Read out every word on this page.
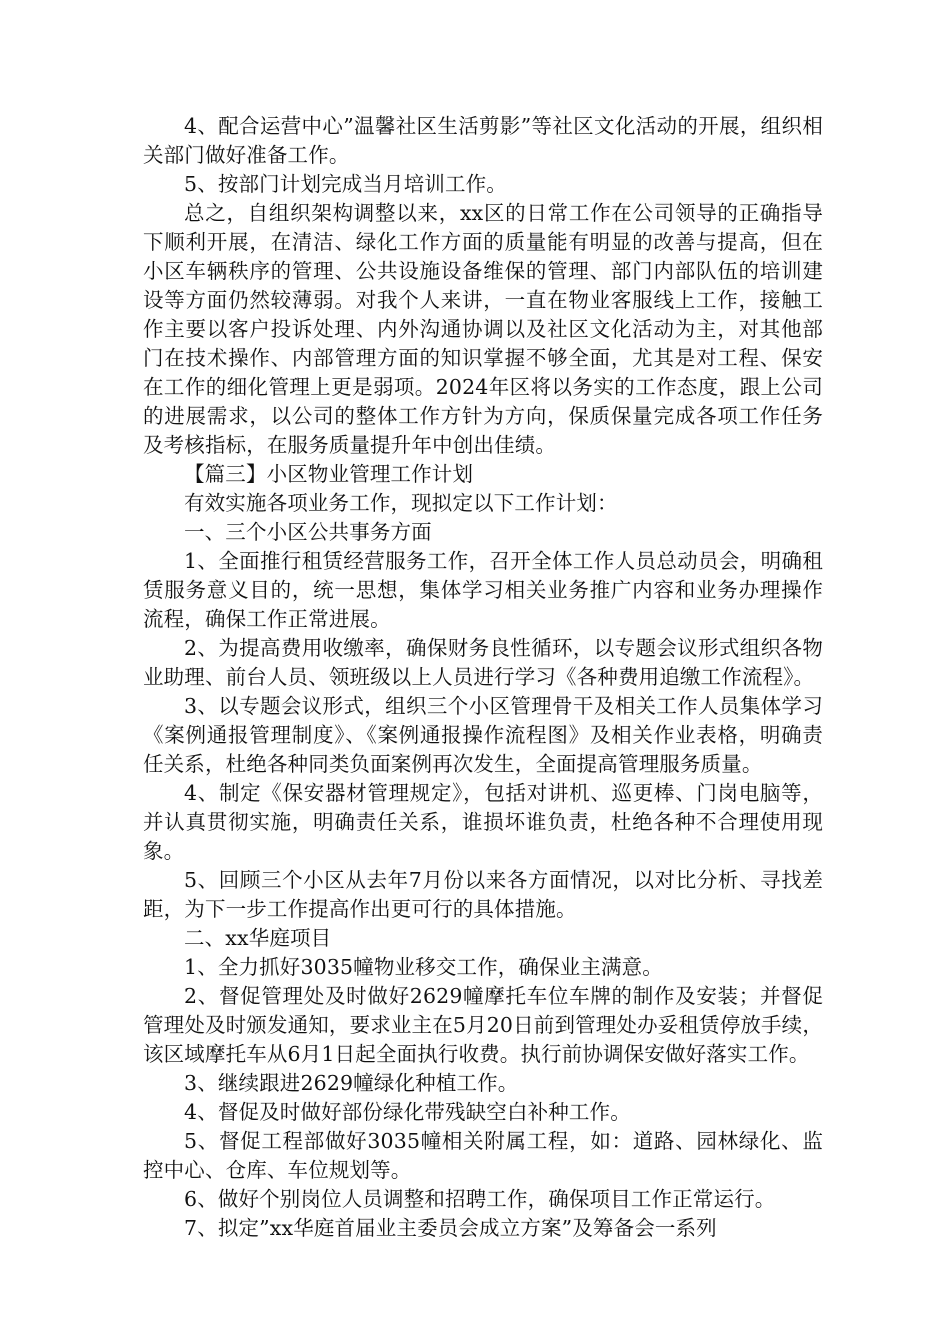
4、配合运营中心”温馨社区生活剪影”等社区文化活动的开展，组织相关部门做好准备工作。

5、按部门计划完成当月培训工作。

总之，自组织架构调整以来，xx区的日常工作在公司领导的正确指导下顺利开展，在清洁、绿化工作方面的质量能有明显的改善与提高，但在小区车辆秩序的管理、公共设施设备维保的管理、部门内部队伍的培训建设等方面仍然较薄弱。对我个人来讲，一直在物业客服线上工作，接触工作主要以客户投诉处理、内外沟通协调以及社区文化活动为主，对其他部门在技术操作、内部管理方面的知识掌握不够全面，尤其是对工程、保安在工作的细化管理上更是弱项。2024年区将以务实的工作态度，跟上公司的进展需求，以公司的整体工作方针为方向，保质保量完成各项工作任务及考核指标，在服务质量提升年中创出佳绩。

【篇三】小区物业管理工作计划

有效实施各项业务工作，现拟定以下工作计划：

一、三个小区公共事务方面

1、全面推行租赁经营服务工作，召开全体工作人员总动员会，明确租赁服务意义目的，统一思想，集体学习相关业务推广内容和业务办理操作流程，确保工作正常进展。

2、为提高费用收缴率，确保财务良性循环，以专题会议形式组织各物业助理、前台人员、领班级以上人员进行学习《各种费用追缴工作流程》。

3、以专题会议形式，组织三个小区管理骨干及相关工作人员集体学习《案例通报管理制度》、《案例通报操作流程图》及相关作业表格，明确责任关系，杜绝各种同类负面案例再次发生，全面提高管理服务质量。

4、制定《保安器材管理规定》，包括对讲机、巡更棒、门岗电脑等，并认真贯彻实施，明确责任关系，谁损坏谁负责，杜绝各种不合理使用现象。

5、回顾三个小区从去年7月份以来各方面情况，以对比分析、寻找差距，为下一步工作提高作出更可行的具体措施。

二、xx华庭项目

1、全力抓好3035幢物业移交工作，确保业主满意。

2、督促管理处及时做好2629幢摩托车位车牌的制作及安装；并督促管理处及时颁发通知，要求业主在5月20日前到管理处办妥租赁停放手续，该区域摩托车从6月1日起全面执行收费。执行前协调保安做好落实工作。

3、继续跟进2629幢绿化种植工作。

4、督促及时做好部份绿化带残缺空白补种工作。

5、督促工程部做好3035幢相关附属工程，如：道路、园林绿化、监控中心、仓库、车位规划等。

6、做好个别岗位人员调整和招聘工作，确保项目工作正常运行。

7、拟定”xx华庭首届业主委员会成立方案”及筹备会一系列
